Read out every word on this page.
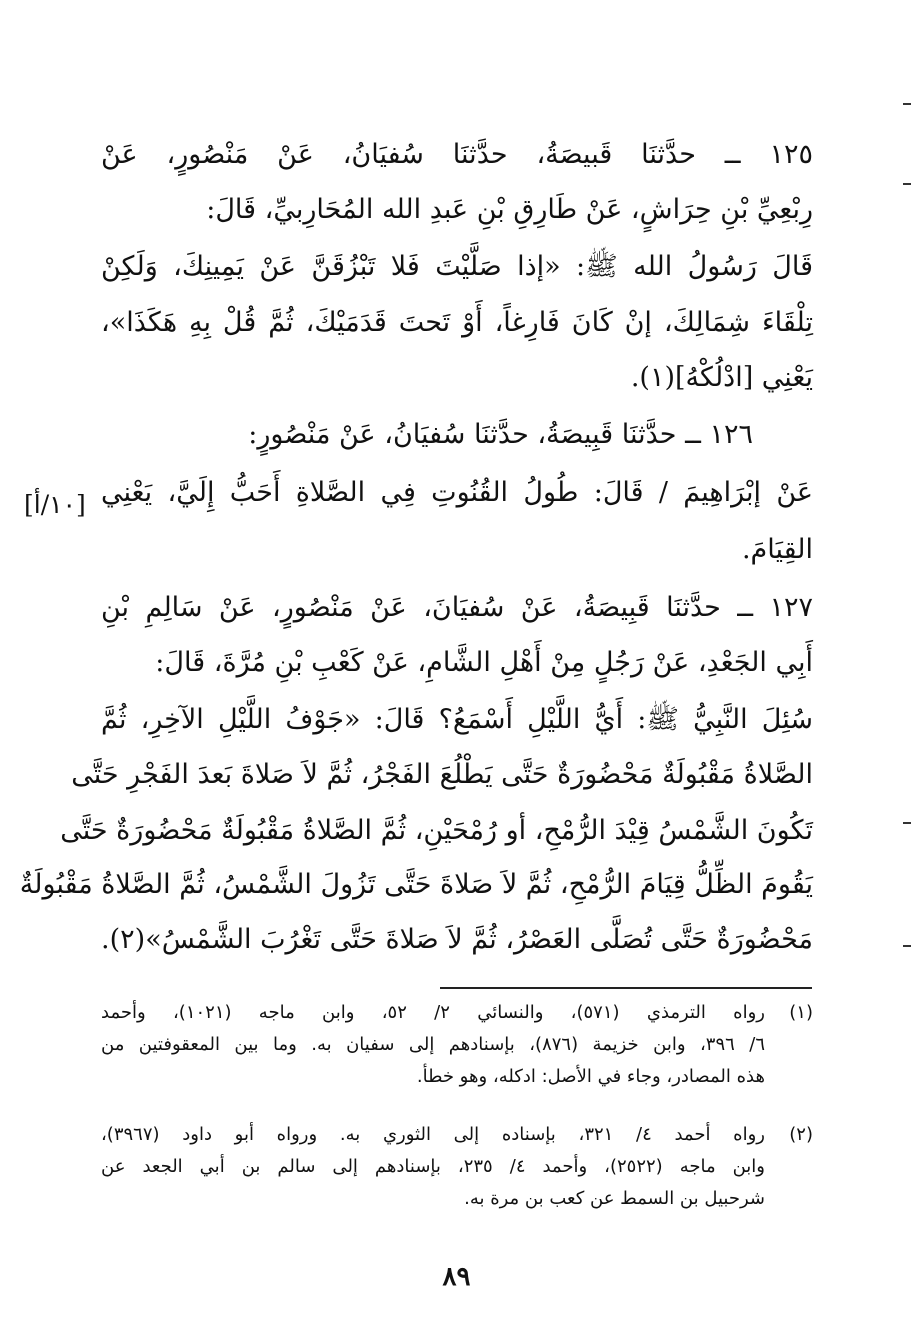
١٢٥ ــ حدَّثنَا قَبيصَةُ، حدَّثنَا سُفيَانُ، عَنْ مَنْصُورٍ، عَنْ
رِبْعِيِّ بْنِ حِرَاشٍ، عَنْ طَارِقِ بْنِ عَبدِ الله المُحَارِبيِّ، قَالَ:
قَالَ رَسُولُ الله ﷺ: «إذا صَلَّيْتَ فَلا تَبْزُقَنَّ عَنْ يَمِينِكَ، وَلَكِنْ
تِلْقَاءَ شِمَالِكَ، إنْ كَانَ فَارِغاً، أَوْ تَحتَ قَدَمَيْكَ، ثُمَّ قُلْ بِهِ هَكَذَا»،
يَعْنِي [ادْلُكْهُ](١).
١٢٦ ــ حدَّثنَا قَبِيصَةُ، حدَّثنَا سُفيَانُ، عَنْ مَنْصُورٍ:
عَنْ إبْرَاهِيمَ / قَالَ: طُولُ القُنُوتِ فِي الصَّلاةِ أَحَبُّ إِلَيَّ، يَعْنِي
[١٠/أ]
القِيَامَ.
١٢٧ ــ حدَّثنَا قَبِيصَةُ، عَنْ سُفيَانَ، عَنْ مَنْصُورٍ، عَنْ سَالِمِ بْنِ
أَبِي الجَعْدِ، عَنْ رَجُلٍ مِنْ أَهْلِ الشَّامِ، عَنْ كَعْبِ بْنِ مُرَّةَ، قَالَ:
سُئِلَ النَّبِيُّ ﷺ: أَيُّ اللَّيْلِ أَسْمَعُ؟ قَالَ: «جَوْفُ اللَّيْلِ الآخِرِ، ثُمَّ
الصَّلاةُ مَقْبُولَةٌ مَحْضُورَةٌ حَتَّى يَطْلُعَ الفَجْرُ، ثُمَّ لاَ صَلاةَ بَعدَ الفَجْرِ حَتَّى
تَكُونَ الشَّمْسُ قِيْدَ الرُّمْحِ، أو رُمْحَيْنِ، ثُمَّ الصَّلاةُ مَقْبُولَةٌ مَحْضُورَةٌ حَتَّى
يَقُومَ الظِّلُّ قِيَامَ الرُّمْحِ، ثُمَّ لاَ صَلاةَ حَتَّى تَزُولَ الشَّمْسُ، ثُمَّ الصَّلاةُ مَقْبُولَةٌ
مَحْضُورَةٌ حَتَّى تُصَلَّى العَصْرُ، ثُمَّ لاَ صَلاةَ حَتَّى تَغْرُبَ الشَّمْسُ»(٢).
(١)
رواه الترمذي (٥٧١)، والنسائي ٢/ ٥٢، وابن ماجه (١٠٢١)، وأحمد
٦/ ٣٩٦، وابن خزيمة (٨٧٦)، بإسنادهم إلى سفيان به. وما بين المعقوفتين من
هذه المصادر، وجاء في الأصل: ادكله، وهو خطأ.
(٢)
رواه أحمد ٤/ ٣٢١، بإسناده إلى الثوري به. ورواه أبو داود (٣٩٦٧)،
وابن ماجه (٢٥٢٢)، وأحمد ٤/ ٢٣٥، بإسنادهم إلى سالم بن أبي الجعد عن
شرحبيل بن السمط عن كعب بن مرة به.
٨٩
